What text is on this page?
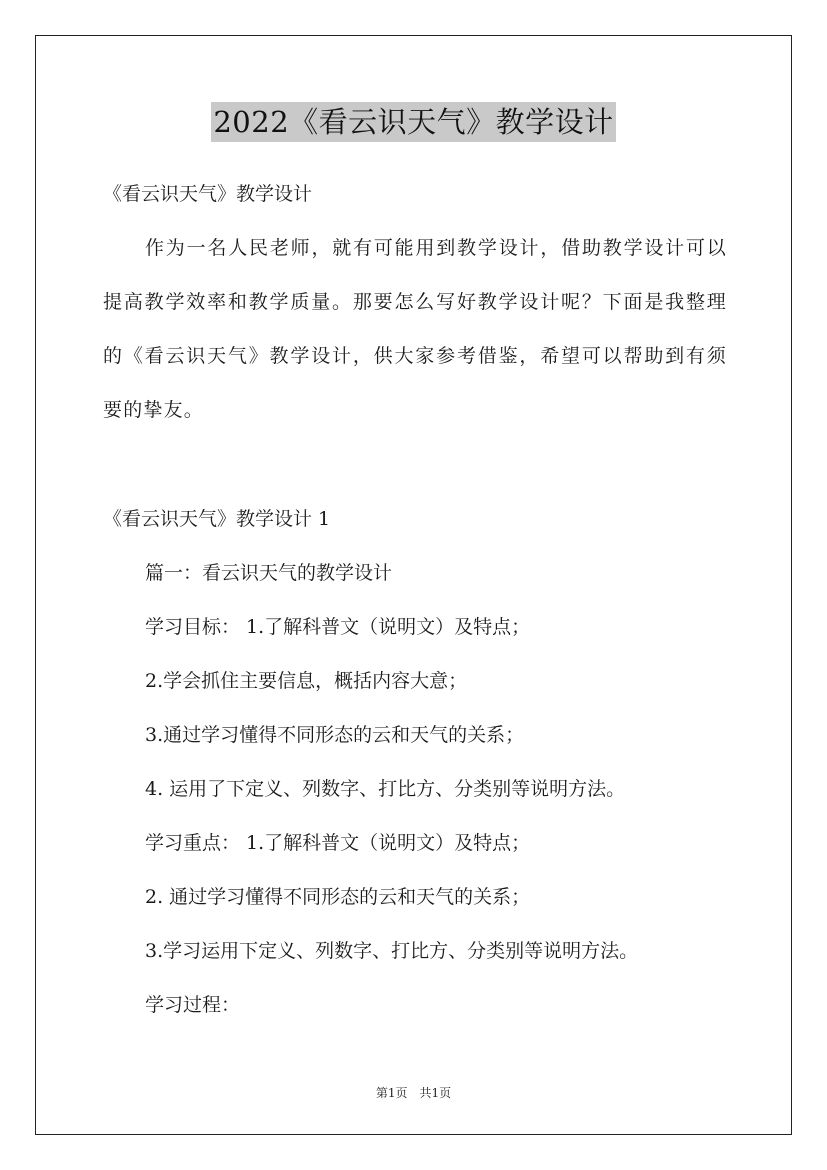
2022《看云识天气》教学设计
《看云识天气》教学设计
作为一名人民老师，就有可能用到教学设计，借助教学设计可以提高教学效率和教学质量。那要怎么写好教学设计呢？下面是我整理的《看云识天气》教学设计，供大家参考借鉴，希望可以帮助到有须要的挚友。
《看云识天气》教学设计 1
篇一：看云识天气的教学设计
学习目标： 1.了解科普文（说明文）及特点；
2.学会抓住主要信息，概括内容大意；
3.通过学习懂得不同形态的云和天气的关系；
4. 运用了下定义、列数字、打比方、分类别等说明方法。
学习重点： 1.了解科普文（说明文）及特点；
2. 通过学习懂得不同形态的云和天气的关系；
3.学习运用下定义、列数字、打比方、分类别等说明方法。
学习过程：
第1页　共1页
